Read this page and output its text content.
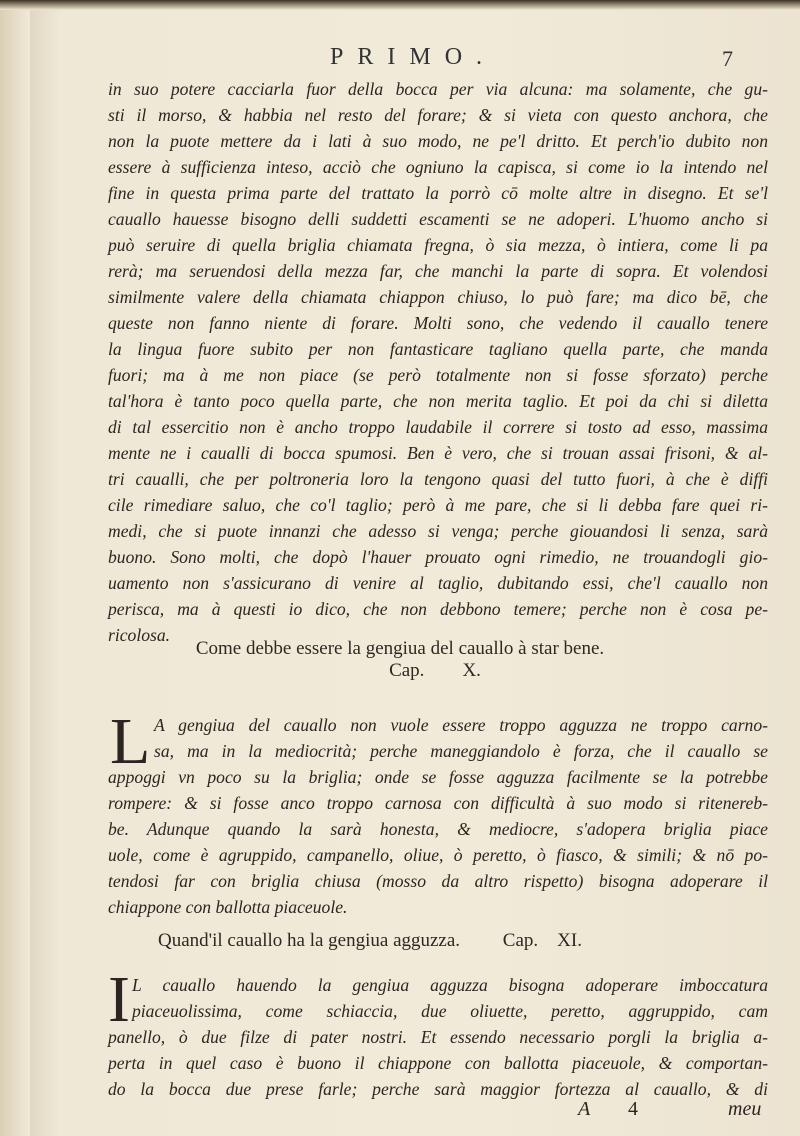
PRIMO.	7
in suo potere cacciarla fuor della bocca per via alcuna: ma solamente, che gu-
sti il morso, & habbia nel resto del forare; & si vieta con questo anchora, che
non la puote mettere da i lati à suo modo, ne pe'l dritto. Et perch'io dubito non
essere à sufficienza inteso, acciò che ogniuno la capisca, si come io la intendo nel
fine in questa prima parte del trattato la porrò cō molte altre in disegno. Et se'l
cauallo hauesse bisogno delli suddetti escamenti se ne adoperi. L'huomo ancho si
può seruire di quella briglia chiamata fregna, ò sia mezza, ò intiera, come li pa
rerà; ma seruendosi della mezza far, che manchi la parte di sopra. Et volendosi
similmente valere della chiamata chiappon chiuso, lo può fare; ma dico bē, che
queste non fanno niente di forare. Molti sono, che vedendo il cauallo tenere
la lingua fuore subito per non fantasticare tagliano quella parte, che manda
fuori; ma à me non piace (se però totalmente non si fosse sforzato) perche
tal'hora è tanto poco quella parte, che non merita taglio. Et poi da chi si diletta
di tal essercitio non è ancho troppo laudabile il correre si tosto ad esso, massima
mente ne i caualli di bocca spumosi. Ben è vero, che si trouan assai frisoni, & al-
tri caualli, che per poltroneria loro la tengono quasi del tutto fuori, à che è diffi
cile rimediare saluo, che co'l taglio; però à me pare, che si li debba fare quei ri-
medi, che si puote innanzi che adesso si venga; perche giouandosi li senza, sarà
buono. Sono molti, che dopò l'hauer prouato ogni rimedio, ne trouandogli gio-
uamento non s'assicurano di venire al taglio, dubitando essi, che'l cauallo non
perisca, ma à questi io dico, che non debbono temere; perche non è cosa pe-
ricolosa.
Come debbe essere la gengiua del cauallo à star bene.
Cap. X.
L A gengiua del cauallo non vuole essere troppo agguzza ne troppo carno-
sa, ma in la mediocrità; perche maneggiandolo è forza, che il cauallo se
appoggi vn poco su la briglia; onde se fosse agguzza facilmente se la potrebbe
rompere: & si fosse anco troppo carnosa con difficultà à suo modo si ritenereb-
be. Adunque quando la sarà honesta, & mediocre, s'adopera briglia piace
uole, come è agruppido, campanello, oliue, ò peretto, ò fiasco, & simili; & nō po-
tendosi far con briglia chiusa (mosso da altro rispetto) bisogna adoperare il
chiappone con ballotta piaceuole.
Quand'il cauallo ha la gengiua agguzza. Cap. XI.
I L cauallo hauendo la gengiua agguzza bisogna adoperare imboccatura
piaceuolissima, come schiaccia, due oliuette, peretto, aggruppido, cam
panello, ò due filze di pater nostri. Et essendo necessario porgli la briglia a-
perta in quel caso è buono il chiappone con ballotta piaceuole, & comportan-
do la bocca due prese farle; perche sarà maggior fortezza al cauallo, & di
A 4	meu
